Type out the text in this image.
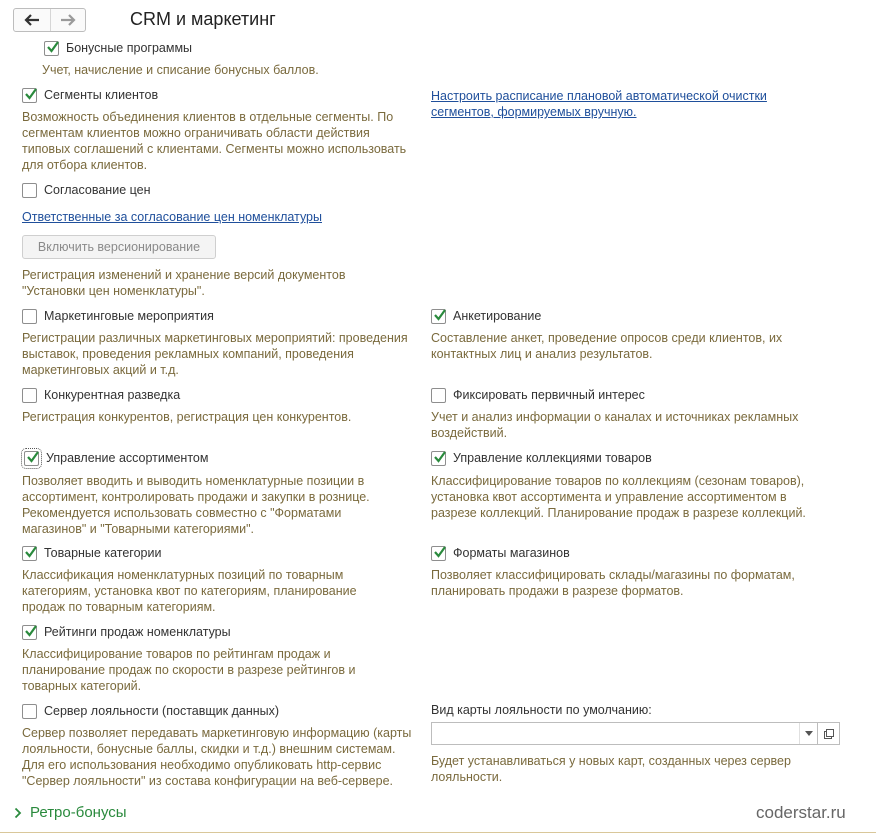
CRM и маркетинг
Бонусные программы
Учет, начисление и списание бонусных баллов.
Сегменты клиентов
Возможность объединения клиентов в отдельные сегменты. По
сегментам клиентов можно ограничивать области действия
типовых соглашений с клиентами. Сегменты можно использовать
для отбора клиентов.
Настроить расписание плановой автоматической очистки
сегментов, формируемых вручную.
Согласование цен
Ответственные за согласование цен номенклатуры
Включить версионирование
Регистрация изменений и хранение версий документов
"Установки цен номенклатуры".
Маркетинговые мероприятия
Регистрации различных маркетинговых мероприятий: проведения
выставок, проведения рекламных компаний, проведения
маркетинговых акций и т.д.
Анкетирование
Составление анкет, проведение опросов среди клиентов, их
контактных лиц и анализ результатов.
Конкурентная разведка
Регистрация конкурентов, регистрация цен конкурентов.
Фиксировать первичный интерес
Учет и анализ информации о каналах и источниках рекламных
воздействий.
Управление ассортиментом
Позволяет вводить и выводить номенклатурные позиции в
ассортимент, контролировать продажи и закупки в рознице.
Рекомендуется использовать совместно с "Форматами
магазинов" и "Товарными категориями".
Управление коллекциями товаров
Классифицирование товаров по коллекциям (сезонам товаров),
установка квот ассортимента и управление ассортиментом в
разрезе коллекций. Планирование продаж в разрезе коллекций.
Товарные категории
Классификация номенклатурных позиций по товарным
категориям, установка квот по категориям, планирование
продаж по товарным категориям.
Форматы магазинов
Позволяет классифицировать склады/магазины по форматам,
планировать продажи в разрезе форматов.
Рейтинги продаж номенклатуры
Классифицирование товаров по рейтингам продаж и
планирование продаж по скорости в разрезе рейтингов и
товарных категорий.
Сервер лояльности (поставщик данных)
Сервер позволяет передавать маркетинговую информацию (карты
лояльности, бонусные баллы, скидки и т.д.) внешним системам.
Для его использования необходимо опубликовать http-сервис
"Сервер лояльности" из состава конфигурации на веб-сервере.
Вид карты лояльности по умолчанию:
Будет устанавливаться у новых карт, созданных через сервер
лояльности.
Ретро-бонусы	coderstar.ru
